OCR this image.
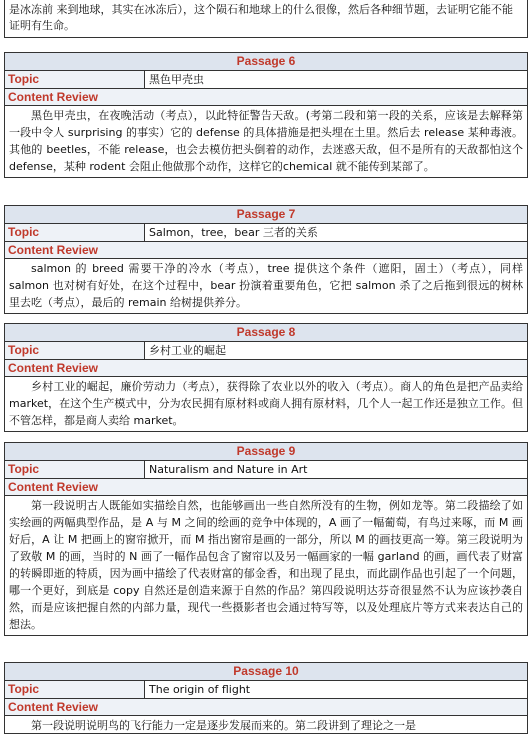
是冰冻前 来到地球，其实在冰冻后），这个陨石和地球上的什么很像，然后各种细节题，去证明它能不能证明有生命。
Passage 6
Topic	黑色甲壳虫
Content Review
黑色甲壳虫，在夜晚活动（考点），以此特征警告天敌。(考第二段和第一段的关系，应该是去解释第一段中令人 surprising 的事实）它的 defense 的具体措施是把头埋在土里。然后去 release 某种毒液。其他的 beetles，不能 release，也会去模仿把头倒着的动作，去迷惑天敌，但不是所有的天敌都怕这个 defense，某种 rodent 会阻止他做那个动作，这样它的chemical 就不能传到某部了。
Passage 7
Topic	Salmon，tree，bear 三者的关系
Content Review
salmon 的 breed 需要干净的冷水（考点），tree 提供这个条件（遮阳，固土）（考点），同样 salmon 也对树有好处，在这个过程中，bear 扮演着重要角色，它把 salmon 杀了之后拖到很远的树林里去吃（考点），最后的 remain 给树提供养分。
Passage 8
Topic	乡村工业的崛起
Content Review
乡村工业的崛起，廉价劳动力（考点），获得除了农业以外的收入（考点）。商人的角色是把产品卖给 market，在这个生产模式中，分为农民拥有原材料或商人拥有原材料，几个人一起工作还是独立工作。但不管怎样，都是商人卖给 market。
Passage 9
Topic	Naturalism and Nature in Art
Content Review
第一段说明古人既能如实描绘自然，也能够画出一些自然所没有的生物，例如龙等。第二段描绘了如实绘画的两幅典型作品，是 A 与 M 之间的绘画的竞争中体现的，A 画了一幅葡萄，有鸟过来啄，而 M 画好后，A 让 M 把画上的窗帘掀开，而 M 指出窗帘是画的一部分，所以 M 的画技更高一筹。第三段说明为了致敬 M 的画，当时的 N 画了一幅作品包含了窗帘以及另一幅画家的一幅 garland 的画，画代表了财富的转瞬即逝的特质，因为画中描绘了代表财富的郁金香，和出现了昆虫，而此副作品也引起了一个问题，哪一个更好，到底是 copy 自然还是创造来源于自然的作品？第四段说明达芬奇很显然不认为应该抄袭自然，而是应该把握自然的内部力量，现代一些摄影者也会通过特写等，以及处理底片等方式来表达自己的想法。
Passage 10
Topic	The origin of flight
Content Review
第一段说明说明鸟的飞行能力一定是逐步发展而来的。第二段讲到了理论之一是
